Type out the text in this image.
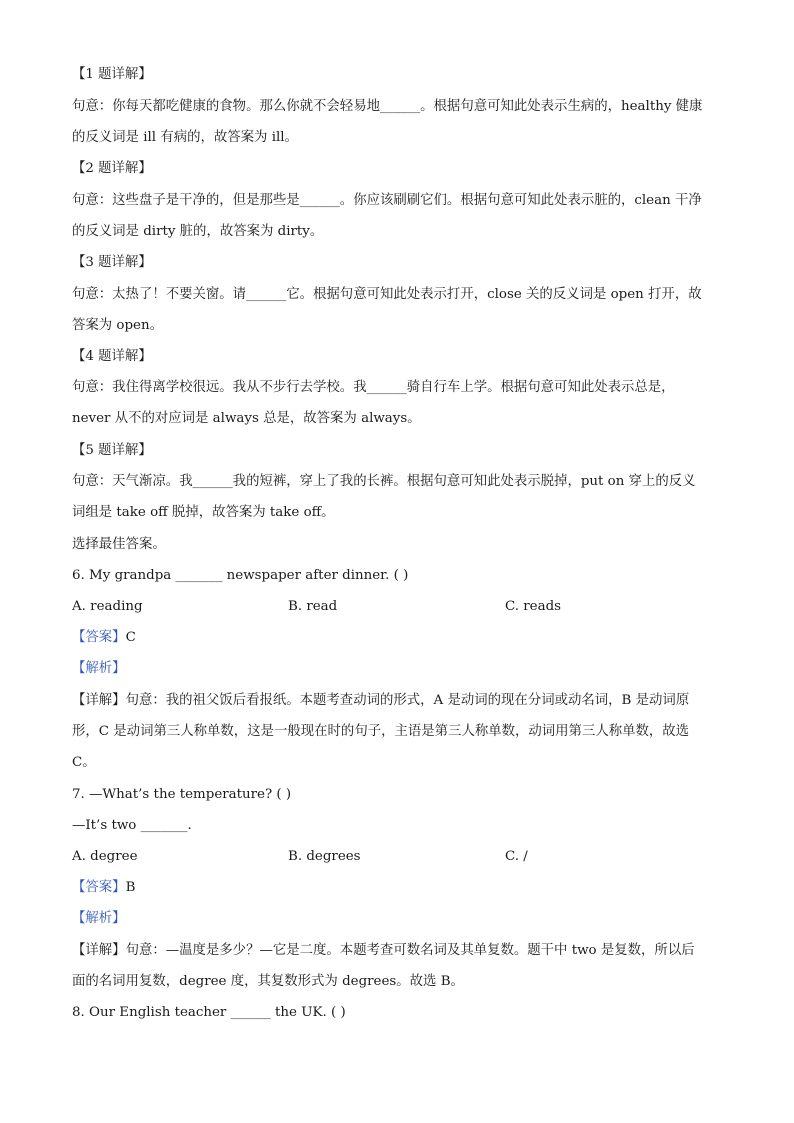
【1 题详解】
句意：你每天都吃健康的食物。那么你就不会轻易地______。根据句意可知此处表示生病的，healthy 健康
的反义词是 ill 有病的，故答案为 ill。
【2 题详解】
句意：这些盘子是干净的，但是那些是______。你应该刷刷它们。根据句意可知此处表示脏的，clean 干净
的反义词是 dirty 脏的，故答案为 dirty。
【3 题详解】
句意：太热了！不要关窗。请______它。根据句意可知此处表示打开，close 关的反义词是 open 打开，故
答案为 open。
【4 题详解】
句意：我住得离学校很远。我从不步行去学校。我______骑自行车上学。根据句意可知此处表示总是，
never 从不的对应词是 always 总是，故答案为 always。
【5 题详解】
句意：天气渐凉。我______我的短裤，穿上了我的长裤。根据句意可知此处表示脱掉，put on 穿上的反义
词组是 take off 脱掉，故答案为 take off。
选择最佳答案。
6. My grandpa _______ newspaper after dinner. ( )
A. reading	B. read	C. reads
【答案】C
【解析】
【详解】句意：我的祖父饭后看报纸。本题考查动词的形式，A 是动词的现在分词或动名词，B 是动词原
形，C 是动词第三人称单数，这是一般现在时的句子，主语是第三人称单数，动词用第三人称单数，故选
C。
7. —What’s the temperature? ( )
—It’s two _______.
A. degree	B. degrees	C. /
【答案】B
【解析】
【详解】句意：—温度是多少？—它是二度。本题考查可数名词及其单复数。题干中 two 是复数，所以后
面的名词用复数，degree 度，其复数形式为 degrees。故选 B。
8. Our English teacher ______ the UK. ( )
